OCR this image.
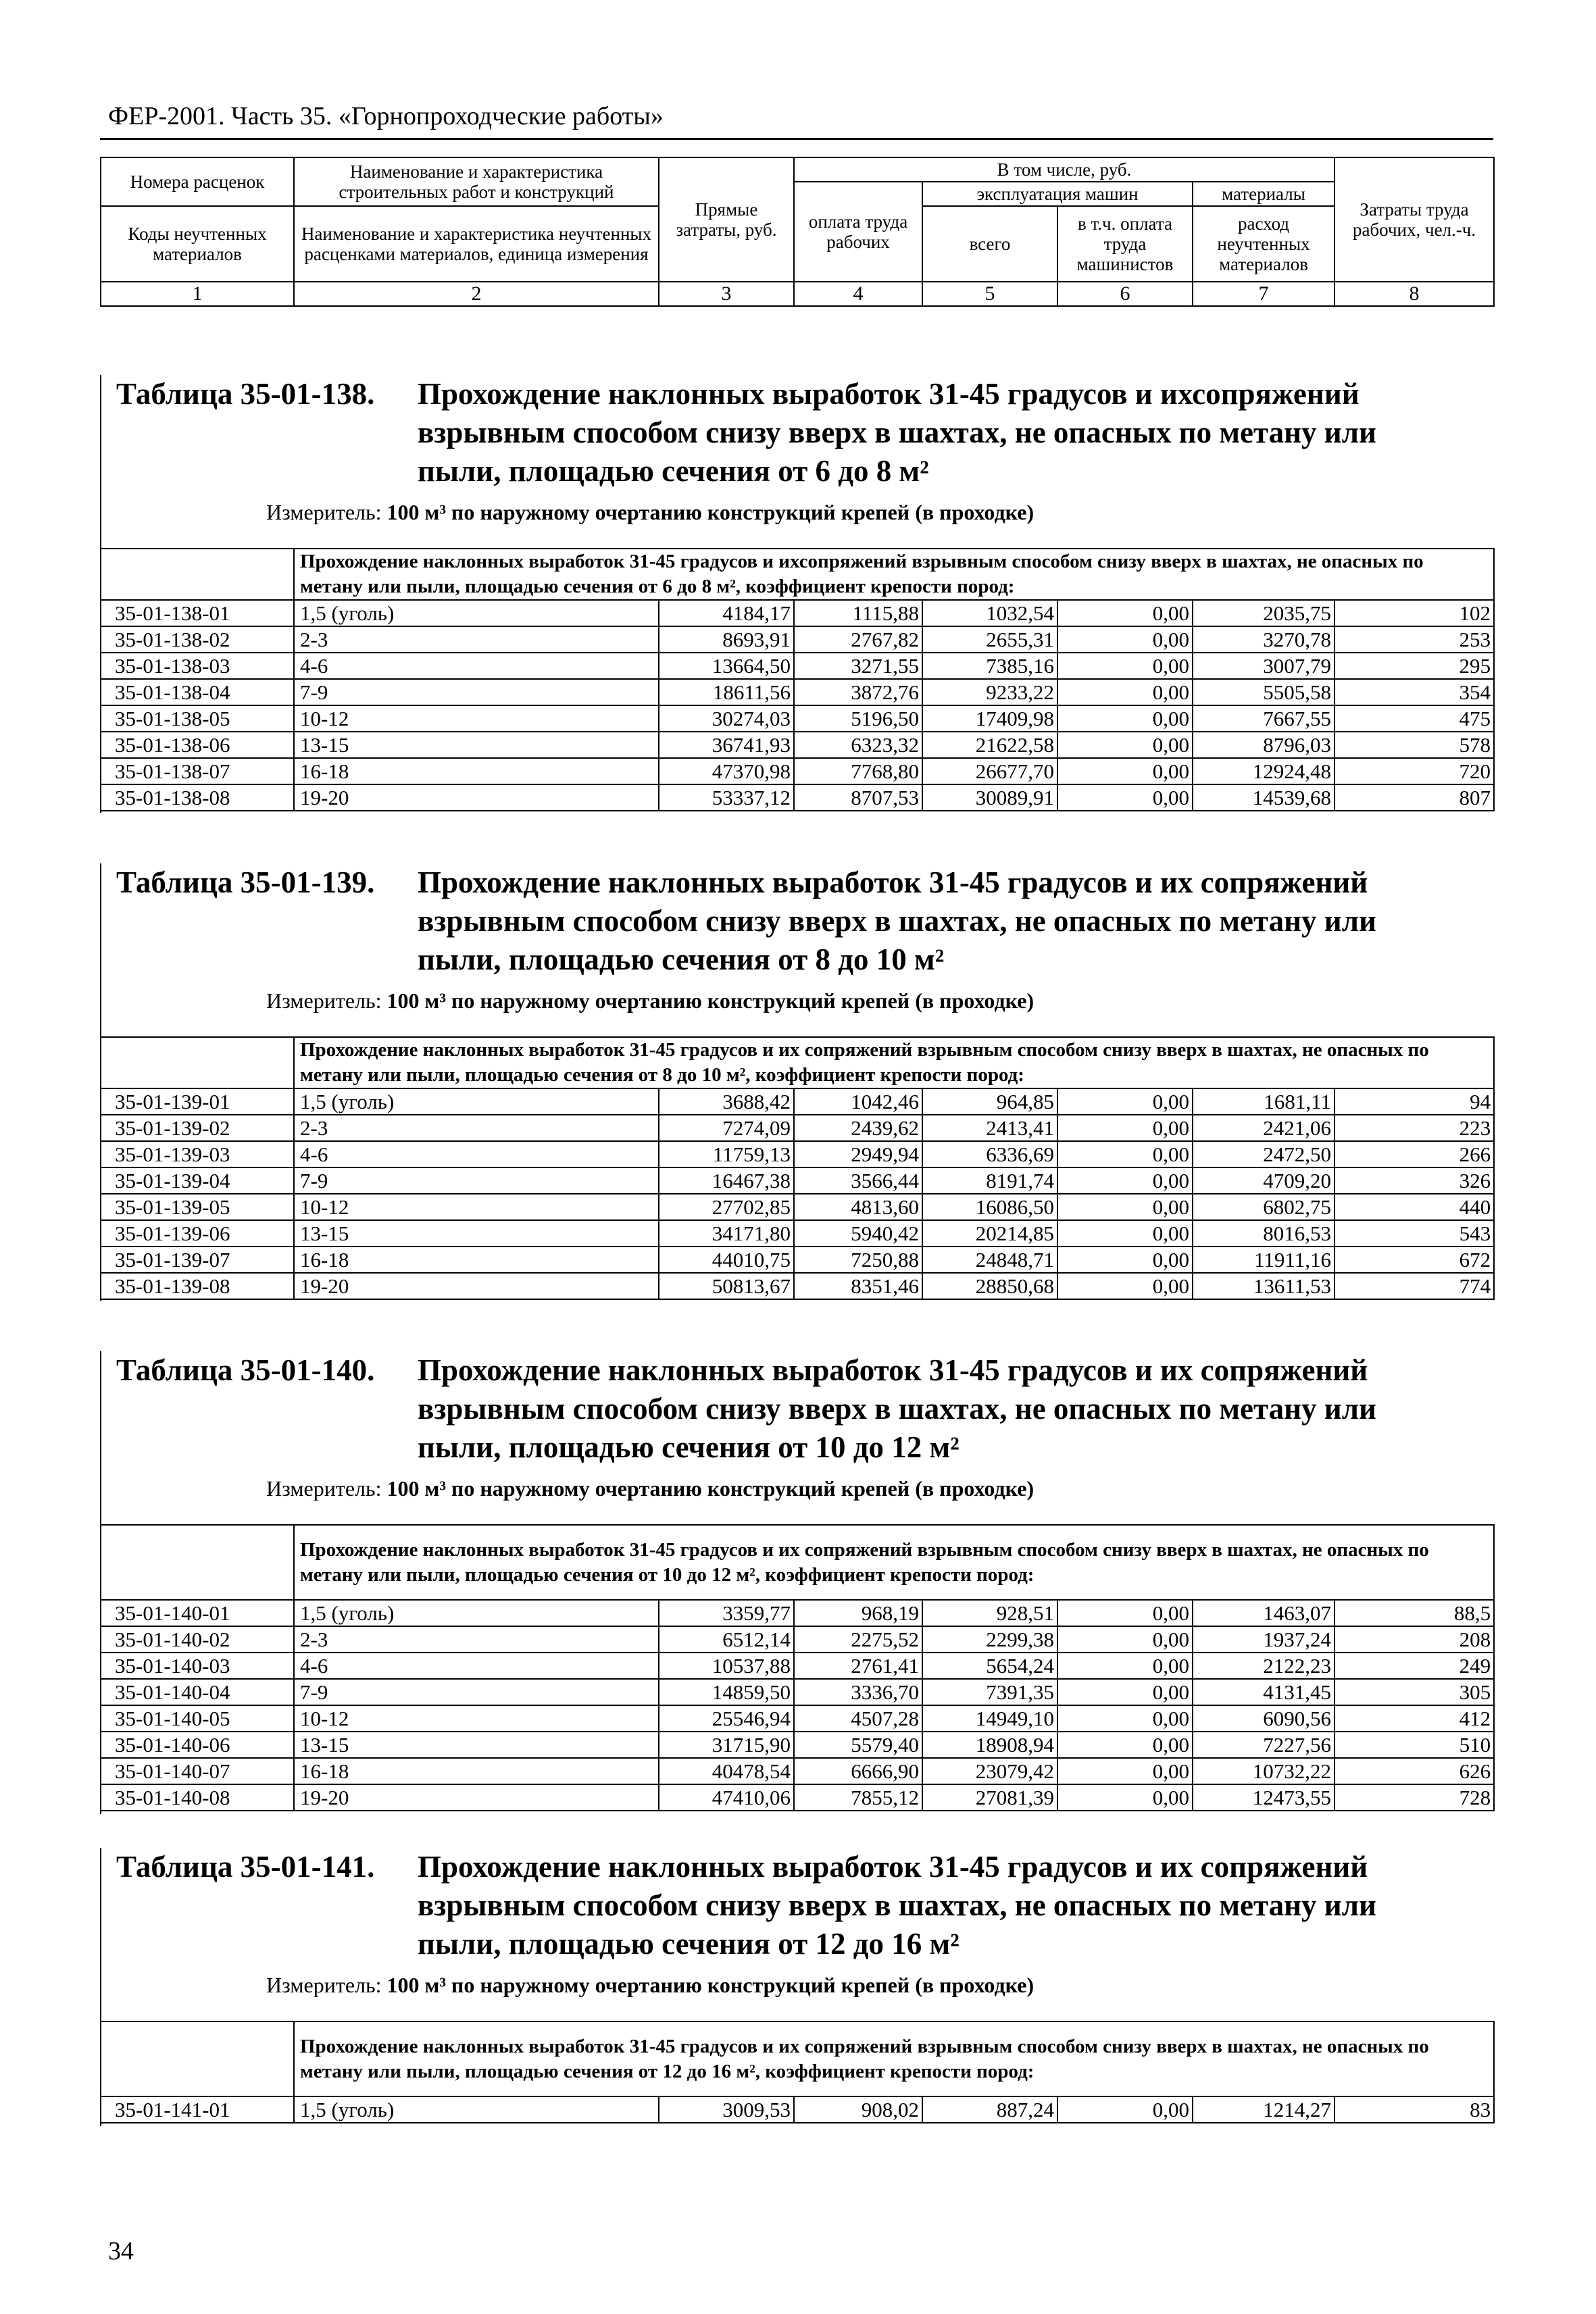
ФЕР-2001. Часть 35. «Горнопроходческие работы»
Номера расценок	Наименование и характеристика строительных работ и конструкций	Прямые затраты, руб.	В том числе, руб.				Затраты труда рабочих, чел.-ч.
			оплата труда рабочих	эксплуатация машин		материалы	
Коды неучтенных материалов	Наименование и характеристика неучтенных расценками материалов, единица измерения			всего	в т.ч. оплата труда машинистов	расход неучтенных материалов	

1	2	3	4	5	6	7	8
Таблица 35-01-138. Прохождение наклонных выработок 31-45 градусов и ихсопряжений
взрывным способом снизу вверх в шахтах, не опасных по метану или
пыли, площадью сечения от 6 до 8 м²
Измеритель: 100 м³ по наружному очертанию конструкций крепей (в проходке)
	Прохождение наклонных выработок 31-45 градусов и ихсопряжений взрывным способом снизу вверх в шахтах, не опасных по метану или пыли, площадью сечения от 6 до 8 м², коэффициент крепости пород:						
35-01-138-01	1,5 (уголь)	4184,17	1115,88	1032,54	0,00	2035,75	102
35-01-138-02	2-3	8693,91	2767,82	2655,31	0,00	3270,78	253
35-01-138-03	4-6	13664,50	3271,55	7385,16	0,00	3007,79	295
35-01-138-04	7-9	18611,56	3872,76	9233,22	0,00	5505,58	354
35-01-138-05	10-12	30274,03	5196,50	17409,98	0,00	7667,55	475
35-01-138-06	13-15	36741,93	6323,32	21622,58	0,00	8796,03	578
35-01-138-07	16-18	47370,98	7768,80	26677,70	0,00	12924,48	720
35-01-138-08	19-20	53337,12	8707,53	30089,91	0,00	14539,68	807
Таблица 35-01-139. Прохождение наклонных выработок 31-45 градусов и их сопряжений
взрывным способом снизу вверх в шахтах, не опасных по метану или
пыли, площадью сечения от 8 до 10 м²
Измеритель: 100 м³ по наружному очертанию конструкций крепей (в проходке)
	Прохождение наклонных выработок 31-45 градусов и их сопряжений взрывным способом снизу вверх в шахтах, не опасных по метану или пыли, площадью сечения от 8 до 10 м², коэффициент крепости пород:						
35-01-139-01	1,5 (уголь)	3688,42	1042,46	964,85	0,00	1681,11	94
35-01-139-02	2-3	7274,09	2439,62	2413,41	0,00	2421,06	223
35-01-139-03	4-6	11759,13	2949,94	6336,69	0,00	2472,50	266
35-01-139-04	7-9	16467,38	3566,44	8191,74	0,00	4709,20	326
35-01-139-05	10-12	27702,85	4813,60	16086,50	0,00	6802,75	440
35-01-139-06	13-15	34171,80	5940,42	20214,85	0,00	8016,53	543
35-01-139-07	16-18	44010,75	7250,88	24848,71	0,00	11911,16	672
35-01-139-08	19-20	50813,67	8351,46	28850,68	0,00	13611,53	774
Таблица 35-01-140. Прохождение наклонных выработок 31-45 градусов и их сопряжений
взрывным способом снизу вверх в шахтах, не опасных по метану или
пыли, площадью сечения от 10 до 12 м²
Измеритель: 100 м³ по наружному очертанию конструкций крепей (в проходке)
	Прохождение наклонных выработок 31-45 градусов и их сопряжений взрывным способом снизу вверх в шахтах, не опасных по метану или пыли, площадью сечения от 10 до 12 м², коэффициент крепости пород:						
35-01-140-01	1,5 (уголь)	3359,77	968,19	928,51	0,00	1463,07	88,5
35-01-140-02	2-3	6512,14	2275,52	2299,38	0,00	1937,24	208
35-01-140-03	4-6	10537,88	2761,41	5654,24	0,00	2122,23	249
35-01-140-04	7-9	14859,50	3336,70	7391,35	0,00	4131,45	305
35-01-140-05	10-12	25546,94	4507,28	14949,10	0,00	6090,56	412
35-01-140-06	13-15	31715,90	5579,40	18908,94	0,00	7227,56	510
35-01-140-07	16-18	40478,54	6666,90	23079,42	0,00	10732,22	626
35-01-140-08	19-20	47410,06	7855,12	27081,39	0,00	12473,55	728
Таблица 35-01-141. Прохождение наклонных выработок 31-45 градусов и их сопряжений
взрывным способом снизу вверх в шахтах, не опасных по метану или
пыли, площадью сечения от 12 до 16 м²
Измеритель: 100 м³ по наружному очертанию конструкций крепей (в проходке)
	Прохождение наклонных выработок 31-45 градусов и их сопряжений взрывным способом снизу вверх в шахтах, не опасных по метану или пыли, площадью сечения от 12 до 16 м², коэффициент крепости пород:						
35-01-141-01	1,5 (уголь)	3009,53	908,02	887,24	0,00	1214,27	83
34
